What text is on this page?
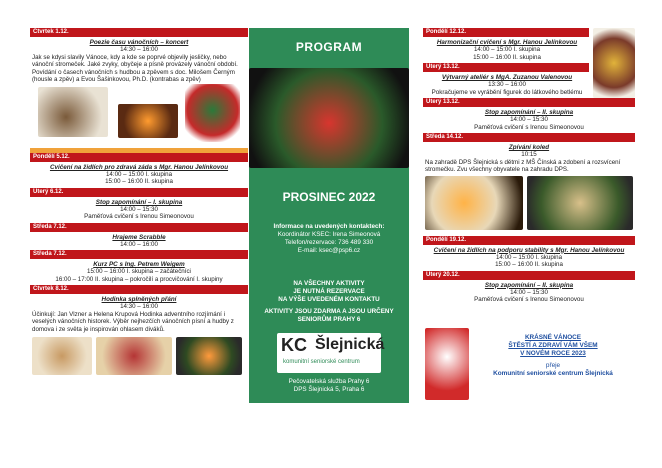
Čtvrtek 1.12.
Poezie času vánočních – koncert
14:30 – 16:00
Jak se kdysi slavily Vánoce, kdy a kde se poprvé objevily jesličky, nebo vánoční stromeček. Jaké zvyky, obyčeje a písně provázely vánoční období. Povídání o časech vánočních s hudbou a zpěvem s doc. Milošem Černým (housle a zpěv) a Evou Šašinkovou, Ph.D. (kontrabas a zpěv)
Pondělí 5.12.
Cvičení na židlích pro zdravá záda s Mgr. Hanou Jelínkovou
14:00 – 15:00 I. skupina
15:00 – 16:00 II. skupina
Úterý 6.12.
Stop zapomínání – I. skupina
14:00 – 15:30
Paměťová cvičení s Irenou Simeonovou
Středa 7.12.
Hrajeme Scrabble
14:00 – 16:00
Středa 7.12.
Kurz PC s Ing. Petrem Weigem
15:00 – 16:00 I. skupina – začátečníci
16:00 – 17:00 II. skupina – pokročilí a procvičování I. skupiny
Čtvrtek 8.12.
Hodinka splněných přání
14:30 – 16:00
Účinkují: Jan Vlzner a Helena Krupová Hodinka adventního rozjímání i veselých vánočních historek. Výběr nejhezčích vánočních písní a hudby z domova i ze světa je inspirován ohlasem diváků.
PROGRAM
PROSINEC 2022
Informace na uvedených kontaktech:
Koordinátor KSEC: Irena Simeonová
Telefon/rezervace: 736 489 330
E-mail: ksec@psp6.cz
NA VŠECHNY AKTIVITY
JE NUTNÁ REZERVACE
NA VÝŠE UVEDENÉM KONTAKTU
AKTIVITY JSOU ZDARMA A JSOU URČENY
SENIORŮM PRAHY 6
KC Šlejnická
komunitní seniorské centrum
Pečovatelská služba Prahy 6
DPS Šlejnická 5, Praha 6
Pondělí 12.12.
Harmonizační cvičení s Mgr. Hanou Jelínkovou
14:00 – 15:00 I. skupina
15:00 – 16:00 II. skupina
Úterý 13.12.
Výtvarný ateliér s MgA. Zuzanou Valenovou
13:30 – 16:00
Pokračujeme ve vyrábění figurek do látkového betlému
Úterý 13.12.
Stop zapomínání – II. skupina
14:00 – 15:30
Paměťová cvičení s Irenou Simeonovou
Středa 14.12.
Zpívání koled
10:15
Na zahradě DPS Šlejnická s dětmi z MŠ Čínská a zdobení a rozsvícení stromečku. Zvu všechny obyvatele na zahradu DPS.
Pondělí 19.12.
Cvičení na židlích na podporu stability s Mgr. Hanou Jelínkovou
14:00 – 15:00 I. skupina
15:00 – 16:00 II. skupina
Úterý 20.12.
Stop zapomínání – II. skupina
14:00 – 15:30
Paměťová cvičení s Irenou Simeonovou
KRÁSNÉ VÁNOCE
ŠTĚSTÍ A ZDRAVÍ VÁM VŠEM
V NOVÉM ROCE 2023
přeje
Komunitní seniorské centrum Šlejnická
